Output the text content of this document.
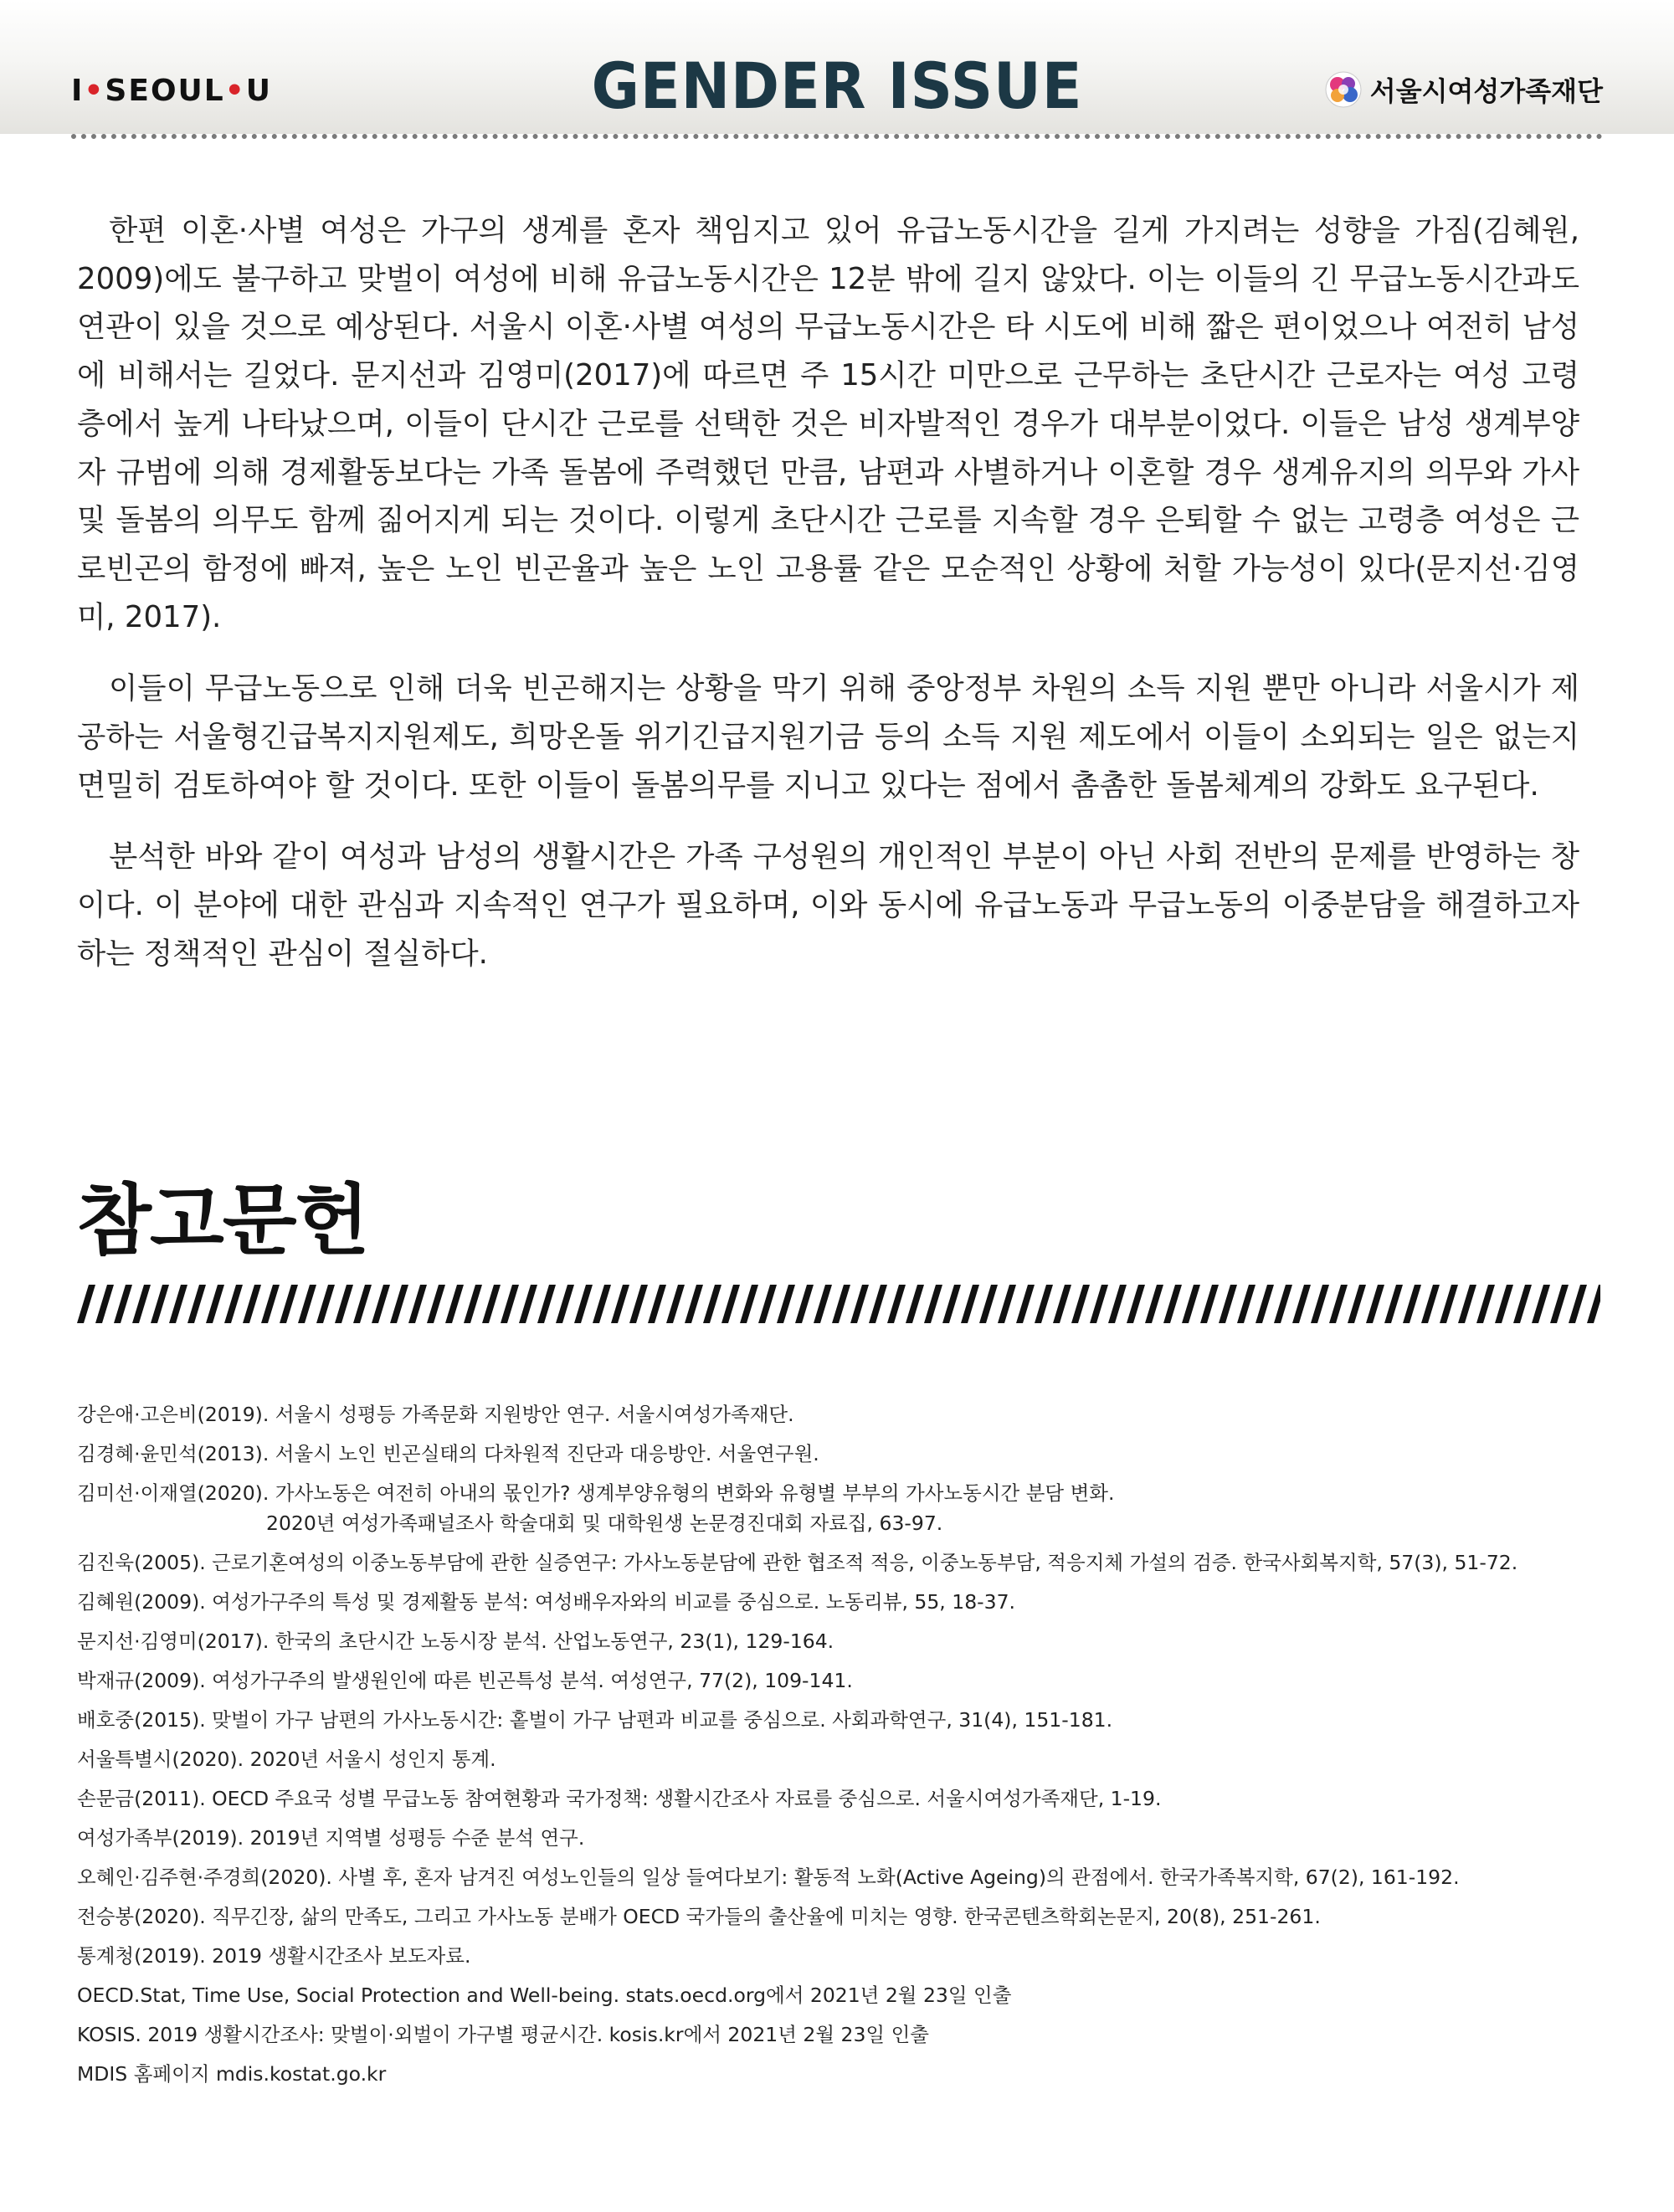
I•SEOUL•U	GENDER ISSUE	서울시여성가족재단

한편 이혼·사별 여성은 가구의 생계를 혼자 책임지고 있어 유급노동시간을 길게 가지려는 성향을 가짐(김혜원, 2009)에도 불구하고 맞벌이 여성에 비해 유급노동시간은 12분 밖에 길지 않았다. 이는 이들의 긴 무급노동시간과도 연관이 있을 것으로 예상된다. 서울시 이혼·사별 여성의 무급노동시간은 타 시도에 비해 짧은 편이었으나 여전히 남성에 비해서는 길었다. 문지선과 김영미(2017)에 따르면 주 15시간 미만으로 근무하는 초단시간 근로자는 여성 고령층에서 높게 나타났으며, 이들이 단시간 근로를 선택한 것은 비자발적인 경우가 대부분이었다. 이들은 남성 생계부양자 규범에 의해 경제활동보다는 가족 돌봄에 주력했던 만큼, 남편과 사별하거나 이혼할 경우 생계유지의 의무와 가사 및 돌봄의 의무도 함께 짊어지게 되는 것이다. 이렇게 초단시간 근로를 지속할 경우 은퇴할 수 없는 고령층 여성은 근로빈곤의 함정에 빠져, 높은 노인 빈곤율과 높은 노인 고용률 같은 모순적인 상황에 처할 가능성이 있다(문지선·김영미, 2017).

이들이 무급노동으로 인해 더욱 빈곤해지는 상황을 막기 위해 중앙정부 차원의 소득 지원 뿐만 아니라 서울시가 제공하는 서울형긴급복지지원제도, 희망온돌 위기긴급지원기금 등의 소득 지원 제도에서 이들이 소외되는 일은 없는지 면밀히 검토하여야 할 것이다. 또한 이들이 돌봄의무를 지니고 있다는 점에서 촘촘한 돌봄체계의 강화도 요구된다.

분석한 바와 같이 여성과 남성의 생활시간은 가족 구성원의 개인적인 부분이 아닌 사회 전반의 문제를 반영하는 창이다. 이 분야에 대한 관심과 지속적인 연구가 필요하며, 이와 동시에 유급노동과 무급노동의 이중분담을 해결하고자 하는 정책적인 관심이 절실하다.

참고문헌
강은애·고은비(2019). 서울시 성평등 가족문화 지원방안 연구. 서울시여성가족재단.
김경혜·윤민석(2013). 서울시 노인 빈곤실태의 다차원적 진단과 대응방안. 서울연구원.
김미선·이재열(2020). 가사노동은 여전히 아내의 몫인가? 생계부양유형의 변화와 유형별 부부의 가사노동시간 분담 변화.
2020년 여성가족패널조사 학술대회 및 대학원생 논문경진대회 자료집, 63-97.
김진욱(2005). 근로기혼여성의 이중노동부담에 관한 실증연구: 가사노동분담에 관한 협조적 적응, 이중노동부담, 적응지체 가설의 검증. 한국사회복지학, 57(3), 51-72.
김혜원(2009). 여성가구주의 특성 및 경제활동 분석: 여성배우자와의 비교를 중심으로. 노동리뷰, 55, 18-37.
문지선·김영미(2017). 한국의 초단시간 노동시장 분석. 산업노동연구, 23(1), 129-164.
박재규(2009). 여성가구주의 발생원인에 따른 빈곤특성 분석. 여성연구, 77(2), 109-141.
배호중(2015). 맞벌이 가구 남편의 가사노동시간: 홑벌이 가구 남편과 비교를 중심으로. 사회과학연구, 31(4), 151-181.
서울특별시(2020). 2020년 서울시 성인지 통계.
손문금(2011). OECD 주요국 성별 무급노동 참여현황과 국가정책: 생활시간조사 자료를 중심으로. 서울시여성가족재단, 1-19.
여성가족부(2019). 2019년 지역별 성평등 수준 분석 연구.
오혜인·김주현·주경희(2020). 사별 후, 혼자 남겨진 여성노인들의 일상 들여다보기: 활동적 노화(Active Ageing)의 관점에서. 한국가족복지학, 67(2), 161-192.
전승봉(2020). 직무긴장, 삶의 만족도, 그리고 가사노동 분배가 OECD 국가들의 출산율에 미치는 영향. 한국콘텐츠학회논문지, 20(8), 251-261.
통계청(2019). 2019 생활시간조사 보도자료.
OECD.Stat, Time Use, Social Protection and Well-being. stats.oecd.org에서 2021년 2월 23일 인출
KOSIS. 2019 생활시간조사: 맞벌이·외벌이 가구별 평균시간. kosis.kr에서 2021년 2월 23일 인출
MDIS 홈페이지 mdis.kostat.go.kr
